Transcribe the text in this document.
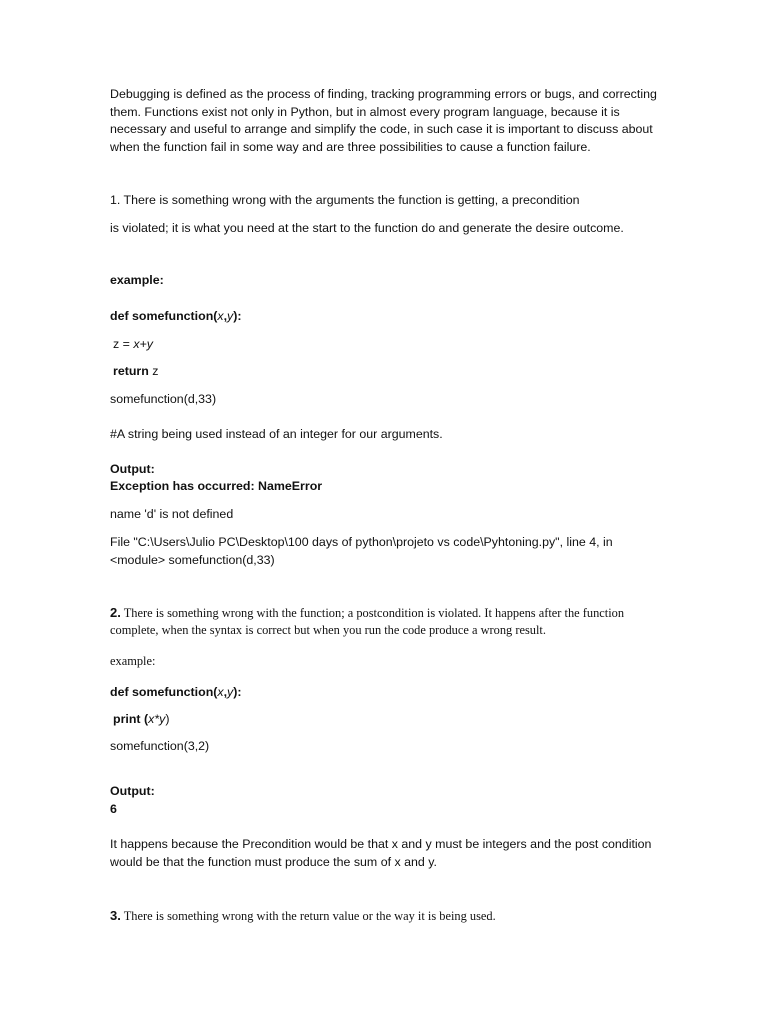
Debugging is defined as the process of finding, tracking programming errors or bugs, and correcting them. Functions exist not only in Python, but in almost every program language, because it is necessary and useful to arrange and simplify the code, in such case it is important to discuss about when the function fail in some way and are three possibilities to cause a function failure.
1. There is something wrong with the arguments the function is getting, a precondition
is violated; it is what you need at the start to the function do and generate the desire outcome.
example:
def somefunction(x,y):
z = x+y
return z
somefunction(d,33)
#A string being used instead of an integer for our arguments.
Output:
Exception has occurred: NameError
name 'd' is not defined
File "C:\Users\Julio PC\Desktop\100 days of python\projeto vs code\Pyhtoning.py", line 4, in <module> somefunction(d,33)
2. There is something wrong with the function; a postcondition is violated. It happens after the function complete, when the syntax is correct but when you run the code produce a wrong result.
example:
def somefunction(x,y):
print (x*y)
somefunction(3,2)
Output:
6
It happens because the Precondition would be that x and y must be integers and the post condition would be that the function must produce the sum of x and y.
3. There is something wrong with the return value or the way it is being used.
